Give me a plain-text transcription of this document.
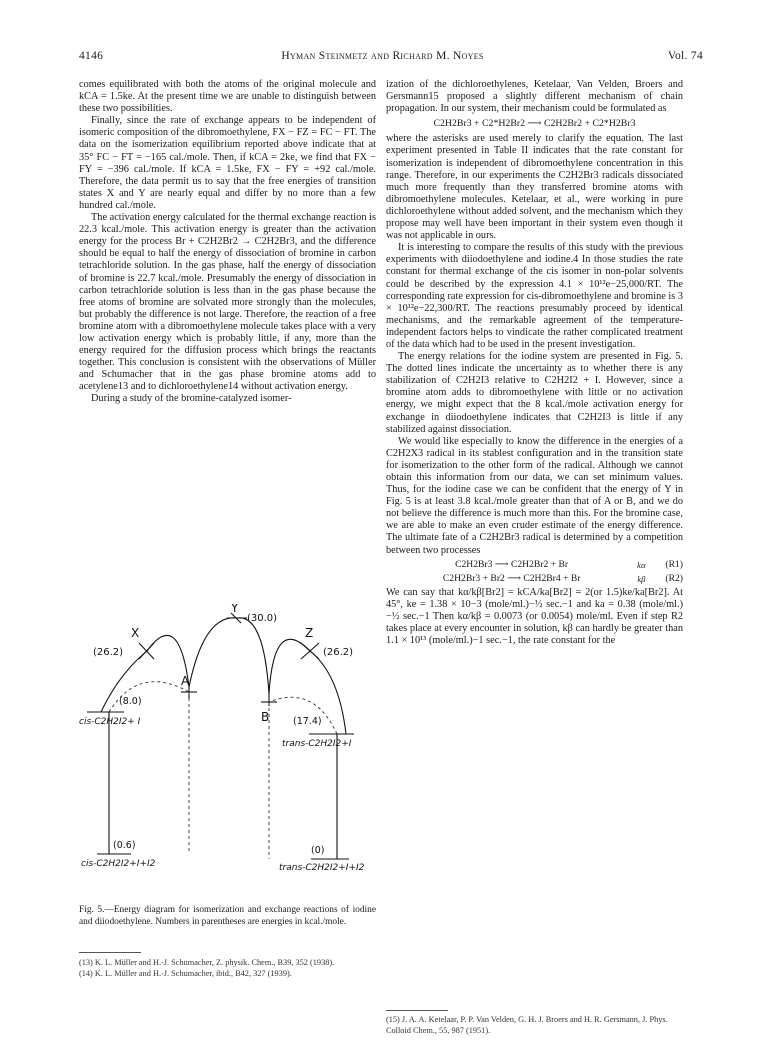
4146	Hyman Steinmetz and Richard M. Noyes	Vol. 74

comes equilibrated with both the atoms of the original molecule and kCA = 1.5ke. At the present time we are unable to distinguish between these two possibilities.

Finally, since the rate of exchange appears to be independent of isomeric composition of the dibromoethylene, FX − FZ = FC − FT. The data on the isomerization equilibrium reported above indicate that at 35° FC − FT = −165 cal./mole. Then, if kCA = 2ke, we find that FX − FY = −396 cal./mole. If kCA = 1.5ke, FX − FY = +92 cal./mole. Therefore, the data permit us to say that the free energies of transition states X and Y are nearly equal and differ by no more than a few hundred cal./mole.

The activation energy calculated for the thermal exchange reaction is 22.3 kcal./mole. This activation energy is greater than the activation energy for the process Br + C2H2Br2 → C2H2Br3, and the difference should be equal to half the energy of dissociation of bromine in carbon tetrachloride solution. In the gas phase, half the energy of dissociation of bromine is 22.7 kcal./mole. Presumably the energy of dissociation in carbon tetrachloride solution is less than in the gas phase because the free atoms of bromine are solvated more strongly than the molecules, but probably the difference is not large. Therefore, the reaction of a free bromine atom with a dibromoethylene molecule takes place with a very low activation energy which is probably little, if any, more than the energy required for the diffusion process which brings the reactants together. This conclusion is consistent with the observations of Müller and Schumacher that in the gas phase bromine atoms add to acetylene13 and to dichloroethylene14 without activation energy.

During a study of the bromine-catalyzed isomer-

X
Y
Z
A
B
(26.2)
(30.0)
(26.2)
(8.0)
(17.4)
(0.6)	(0)
cis-C2H2I2+ I
trans-C2H2I2+I
cis-C2H2I2+I+I2	trans-C2H2I2+I+I2
Fig. 5.—Energy diagram for isomerization and exchange reactions of iodine and diiodoethylene. Numbers in parentheses are energies in kcal./mole.
(13) K. L. Müller and H.-J. Schumacher, Z. physik. Chem., B39, 352 (1938).
(14) K. L. Müller and H.-J. Schumacher, ibid., B42, 327 (1939).

ization of the dichloroethylenes, Ketelaar, Van Velden, Broers and Gersmann15 proposed a slightly different mechanism of chain propagation. In our system, their mechanism could be formulated as

C2H2Br3 + C2*H2Br2 ⟶ C2H2Br2 + C2*H2Br3

where the asterisks are used merely to clarify the equation. The last experiment presented in Table II indicates that the rate constant for isomerization is independent of dibromoethylene concentration in this range. Therefore, in our experiments the C2H2Br3 radicals dissociated much more frequently than they transferred bromine atoms with dibromoethylene molecules. Ketelaar, et al., were working in pure dichloroethylene without added solvent, and the mechanism which they propose may well have been important in their system even though it was not applicable in ours.

It is interesting to compare the results of this study with the previous experiments with diiodoethylene and iodine.4 In those studies the rate constant for thermal exchange of the cis isomer in non-polar solvents could be described by the expression 4.1 × 10¹²e−25,000/RT. The corresponding rate expression for cis-dibromoethylene and bromine is 3 × 10¹²e−22,300/RT. The reactions presumably proceed by identical mechanisms, and the remarkable agreement of the temperature-independent factors helps to vindicate the rather complicated treatment of the data which had to be used in the present investigation.

The energy relations for the iodine system are presented in Fig. 5. The dotted lines indicate the uncertainty as to whether there is any stabilization of C2H2I3 relative to C2H2I2 + I. However, since a bromine atom adds to dibromoethylene with little or no activation energy, we might expect that the 8 kcal./mole activation energy for exchange in diiodoethylene indicates that C2H2I3 is little if any stabilized against dissociation.

We would like especially to know the difference in the energies of a C2H2X3 radical in its stablest configuration and in the transition state for isomerization to the other form of the radical. Although we cannot obtain this information from our data, we can set minimum values. Thus, for the iodine case we can be confident that the energy of Y in Fig. 5 is at least 3.8 kcal./mole greater than that of A or B, and we do not believe the difference is much more than this. For the bromine case, we are able to make an even cruder estimate of the energy difference. The ultimate fate of a C2H2Br3 radical is determined by a competition between two processes

C2H2Br3 ⟶ C2H2Br2 + Br	kα (R1)
C2H2Br3 + Br2 ⟶ C2H2Br4 + Br	kβ (R2)

We can say that kα/kβ[Br2] = kCA/ka[Br2] = 2(or 1.5)ke/ka[Br2]. At 45°, ke = 1.38 × 10−3 (mole/ml.)−½ sec.−1 and ka = 0.38 (mole/ml.)−½ sec.−1 Then kα/kβ = 0.0073 (or 0.0054) mole/ml. Even if step R2 takes place at every encounter in solution, kβ can hardly be greater than 1.1 × 10¹³ (mole/ml.)−1 sec.−1, the rate constant for the

(15) J. A. A. Ketelaar, P. P. Van Velden, G. H. J. Broers and H. R. Gersmann, J. Phys. Colloid Chem., 55, 987 (1951).
